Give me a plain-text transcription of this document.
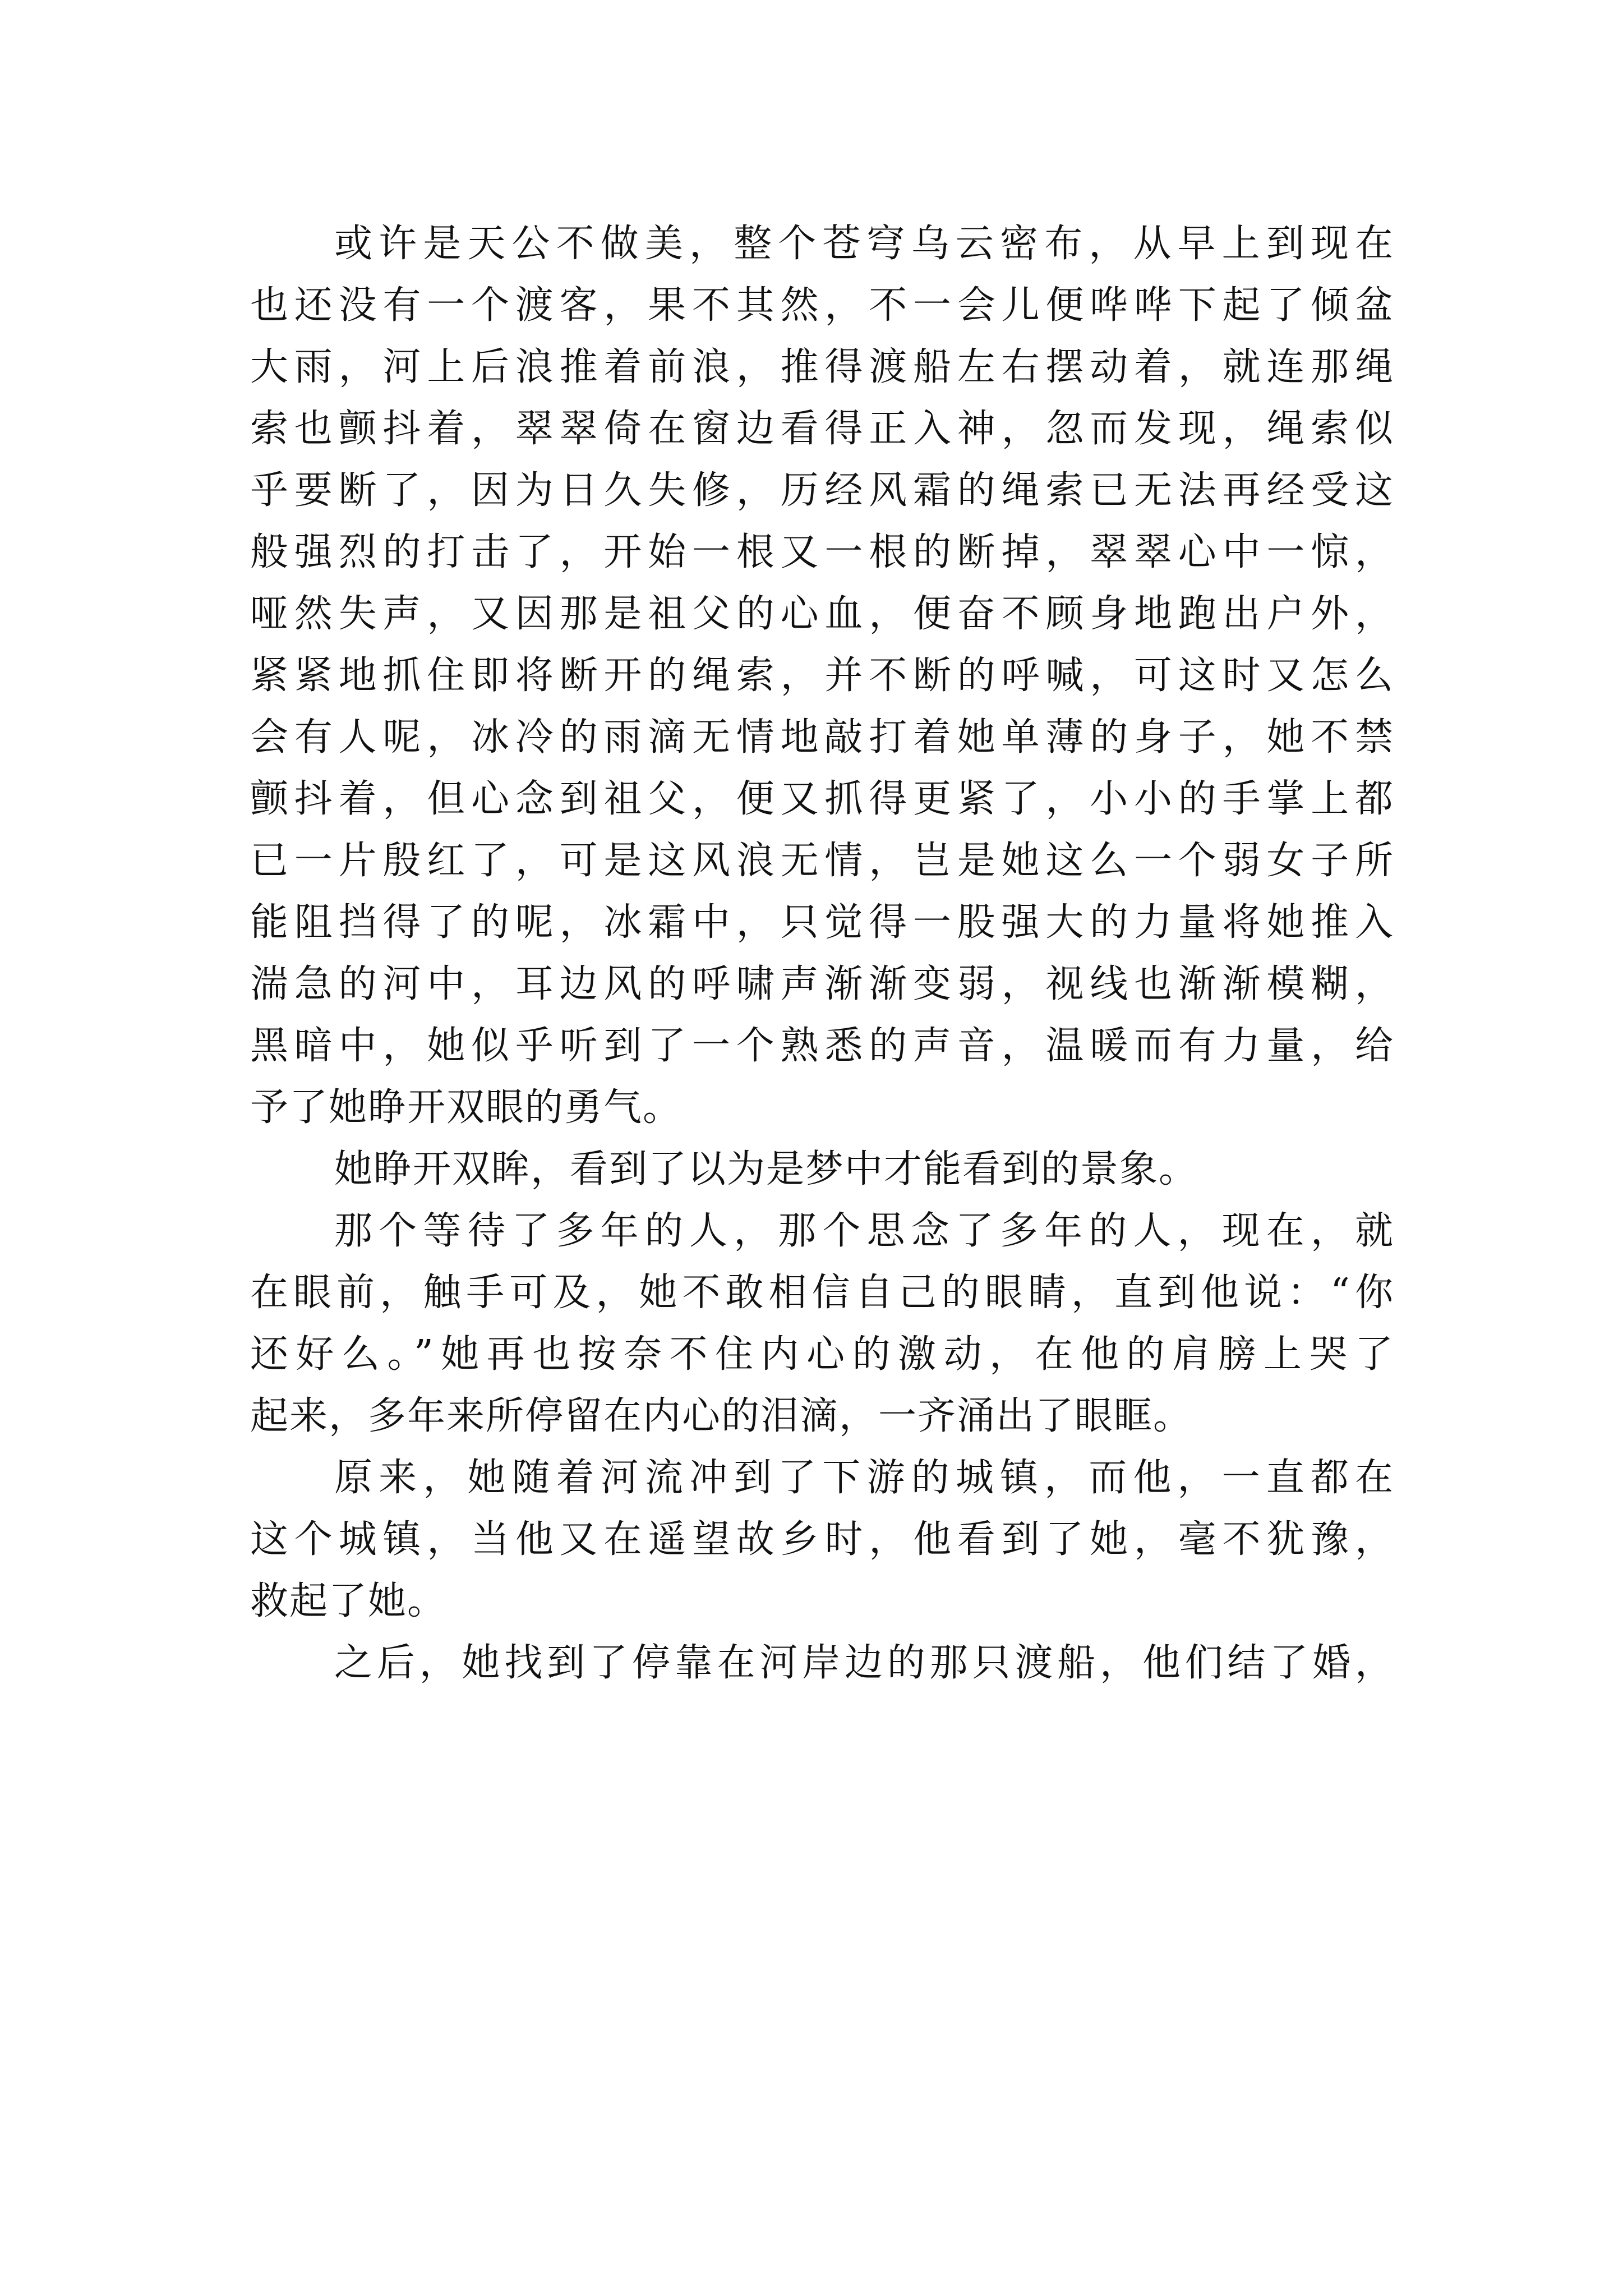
或许是天公不做美，整个苍穹乌云密布，从早上到现在
也还没有一个渡客，果不其然，不一会儿便哗哗下起了倾盆
大雨，河上后浪推着前浪，推得渡船左右摆动着，就连那绳
索也颤抖着，翠翠倚在窗边看得正入神，忽而发现，绳索似
乎要断了，因为日久失修，历经风霜的绳索已无法再经受这
般强烈的打击了，开始一根又一根的断掉，翠翠心中一惊，
哑然失声，又因那是祖父的心血，便奋不顾身地跑出户外，
紧紧地抓住即将断开的绳索，并不断的呼喊，可这时又怎么
会有人呢，冰冷的雨滴无情地敲打着她单薄的身子，她不禁
颤抖着，但心念到祖父，便又抓得更紧了，小小的手掌上都
已一片殷红了，可是这风浪无情，岂是她这么一个弱女子所
能阻挡得了的呢，冰霜中，只觉得一股强大的力量将她推入
湍急的河中，耳边风的呼啸声渐渐变弱，视线也渐渐模糊，
黑暗中，她似乎听到了一个熟悉的声音，温暖而有力量，给
予了她睁开双眼的勇气。
她睁开双眸，看到了以为是梦中才能看到的景象。
那个等待了多年的人，那个思念了多年的人，现在，就
在眼前，触手可及，她不敢相信自己的眼睛，直到他说：“你
还好么。”她再也按奈不住内心的激动，在他的肩膀上哭了
起来，多年来所停留在内心的泪滴，一齐涌出了眼眶。
原来，她随着河流冲到了下游的城镇，而他，一直都在
这个城镇，当他又在遥望故乡时，他看到了她，毫不犹豫，
救起了她。
之后，她找到了停靠在河岸边的那只渡船，他们结了婚，
